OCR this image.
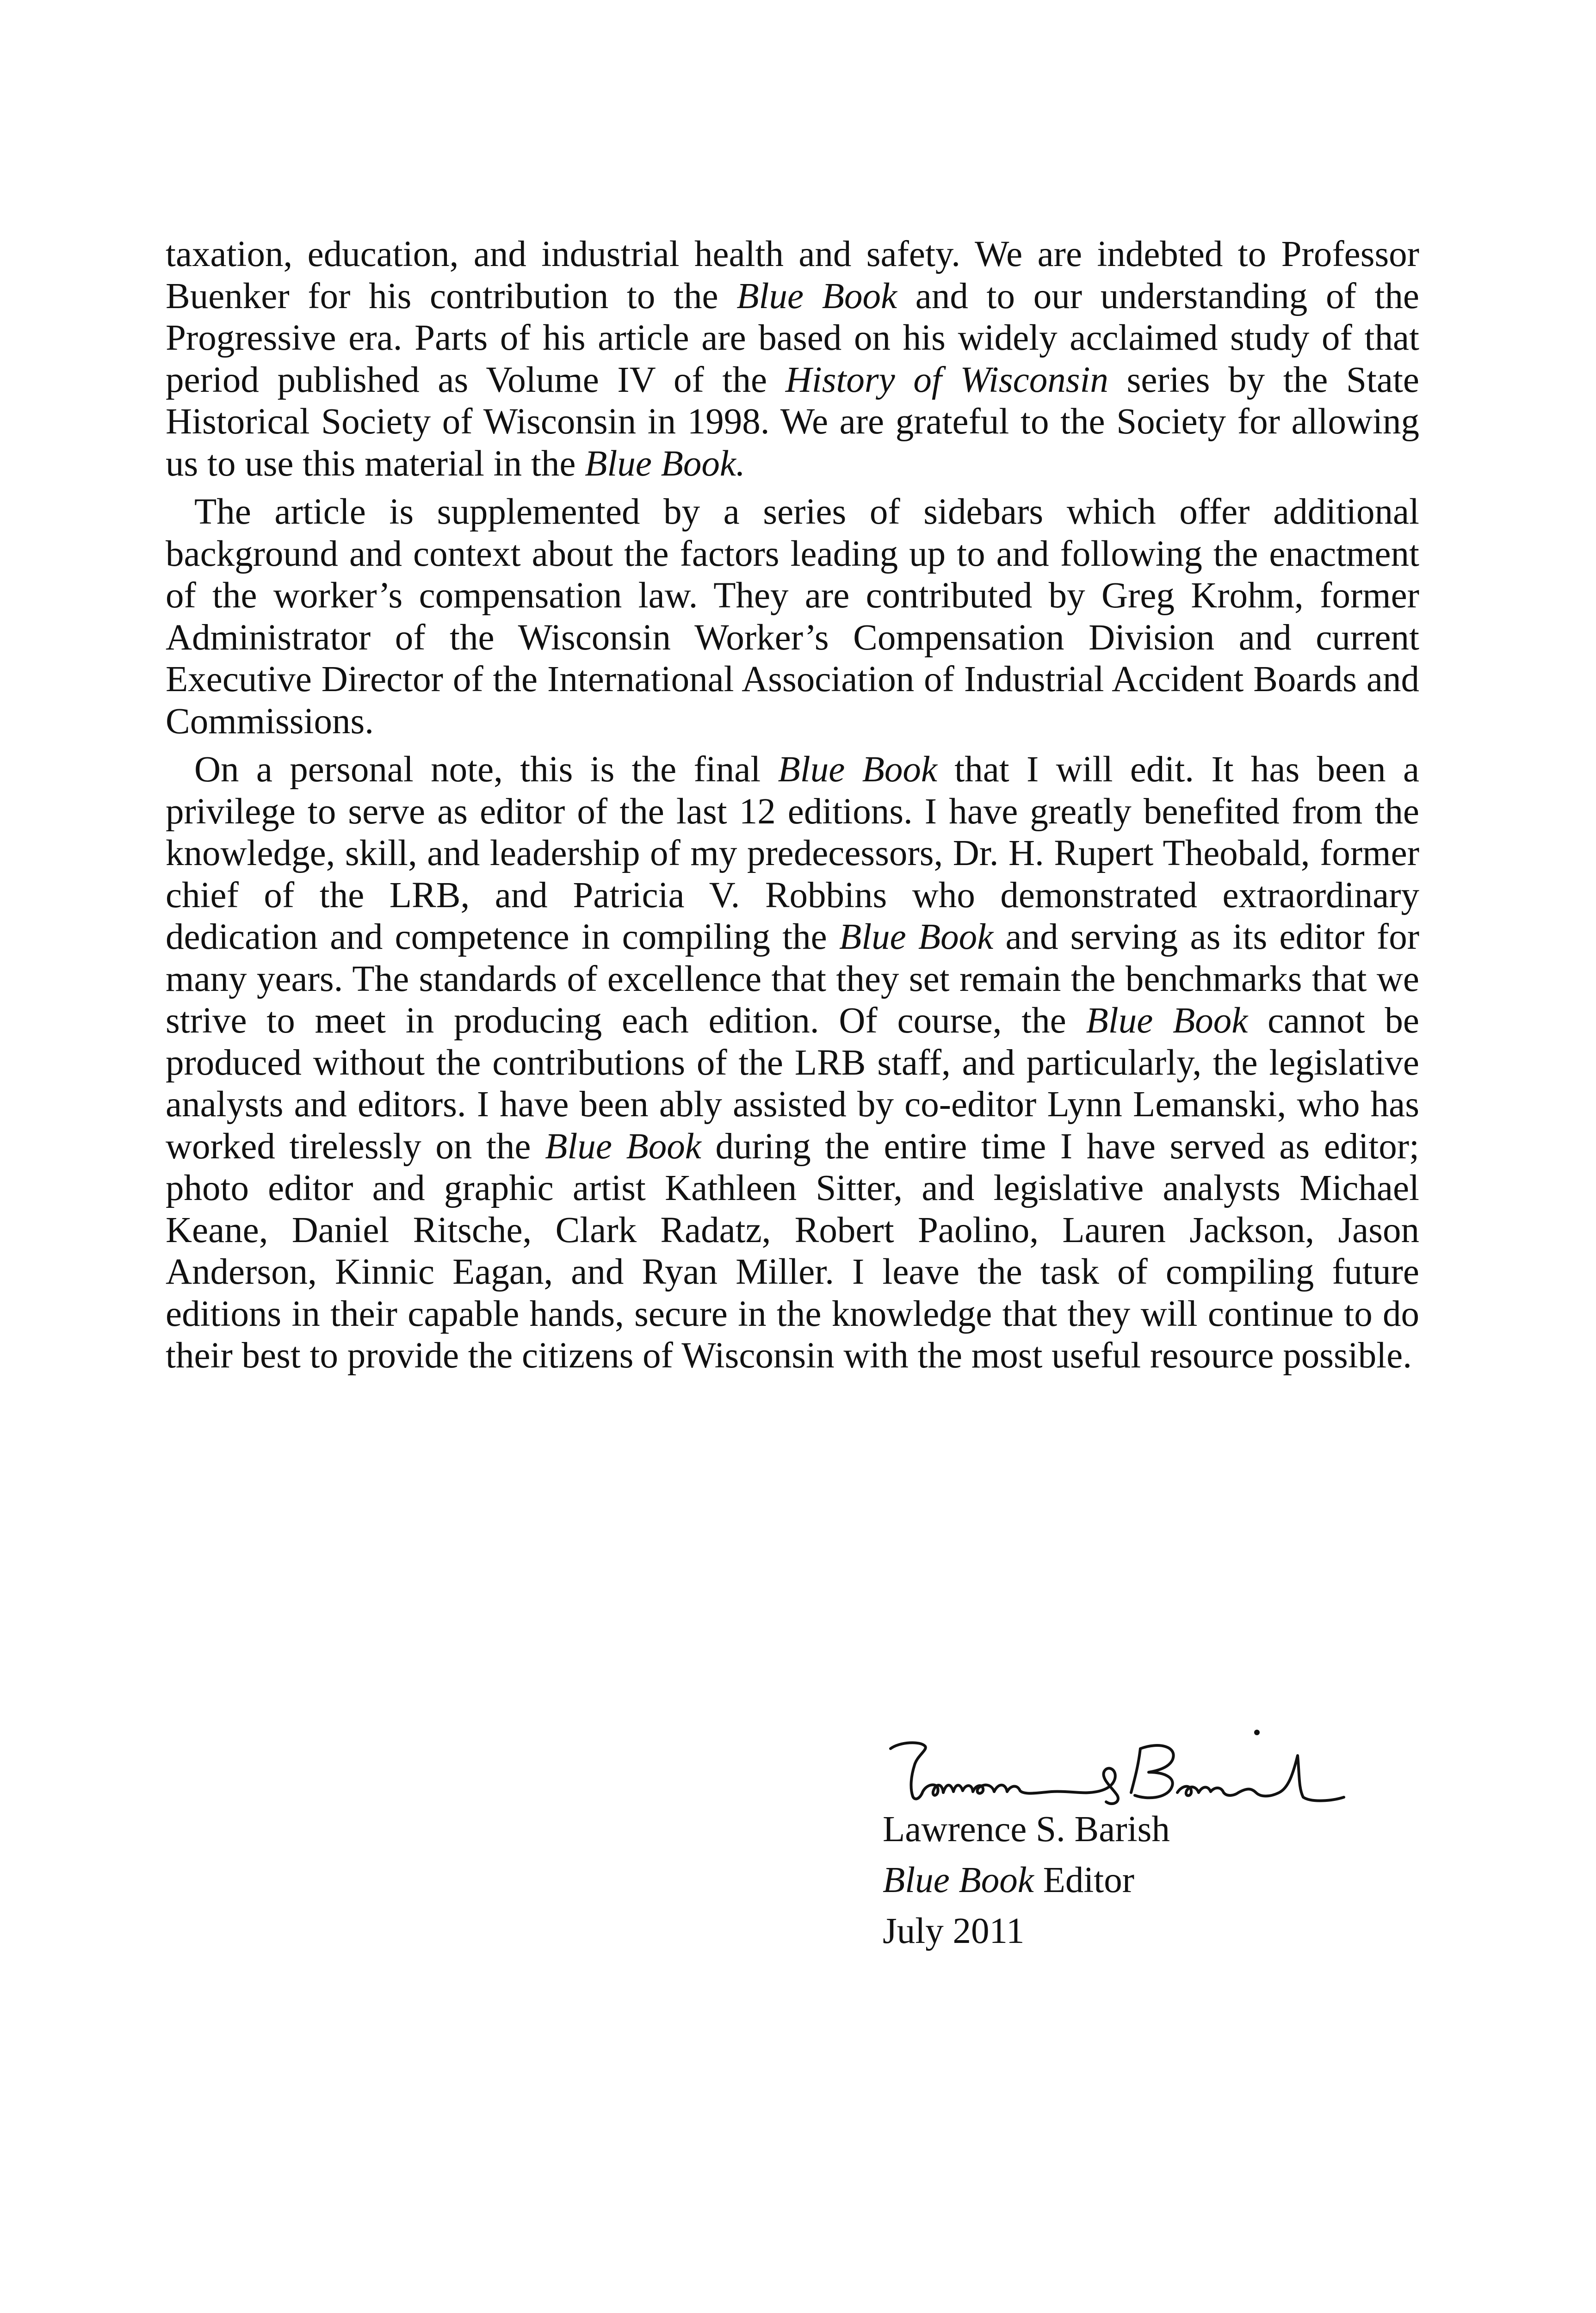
taxation, education, and industrial health and safety. We are indebted to Professor Buenker for his contribution to the Blue Book and to our understanding of the Progressive era. Parts of his article are based on his widely acclaimed study of that period published as Volume IV of the History of Wisconsin series by the State Historical Society of Wisconsin in 1998. We are grateful to the Society for allowing us to use this material in the Blue Book.

The article is supplemented by a series of sidebars which offer additional background and context about the factors leading up to and following the enactment of the worker’s compensation law. They are contributed by Greg Krohm, former Administrator of the Wisconsin Worker’s Compensation Division and current Executive Director of the International Association of Industrial Accident Boards and Commissions.

On a personal note, this is the final Blue Book that I will edit. It has been a privilege to serve as editor of the last 12 editions. I have greatly benefited from the knowledge, skill, and leadership of my predecessors, Dr. H. Rupert Theobald, former chief of the LRB, and Patricia V. Robbins who demonstrated extraordinary dedication and competence in compiling the Blue Book and serving as its editor for many years. The standards of excellence that they set remain the benchmarks that we strive to meet in producing each edition. Of course, the Blue Book cannot be produced without the contributions of the LRB staff, and particularly, the legislative analysts and editors. I have been ably assisted by co-editor Lynn Lemanski, who has worked tirelessly on the Blue Book during the entire time I have served as editor; photo editor and graphic artist Kathleen Sitter, and legislative analysts Michael Keane, Daniel Ritsche, Clark Radatz, Robert Paolino, Lauren Jackson, Jason Anderson, Kinnic Eagan, and Ryan Miller. I leave the task of compiling future editions in their capable hands, secure in the knowledge that they will continue to do their best to provide the citizens of Wisconsin with the most useful resource possible.

Lawrence S. Barish
Blue Book Editor
July 2011
